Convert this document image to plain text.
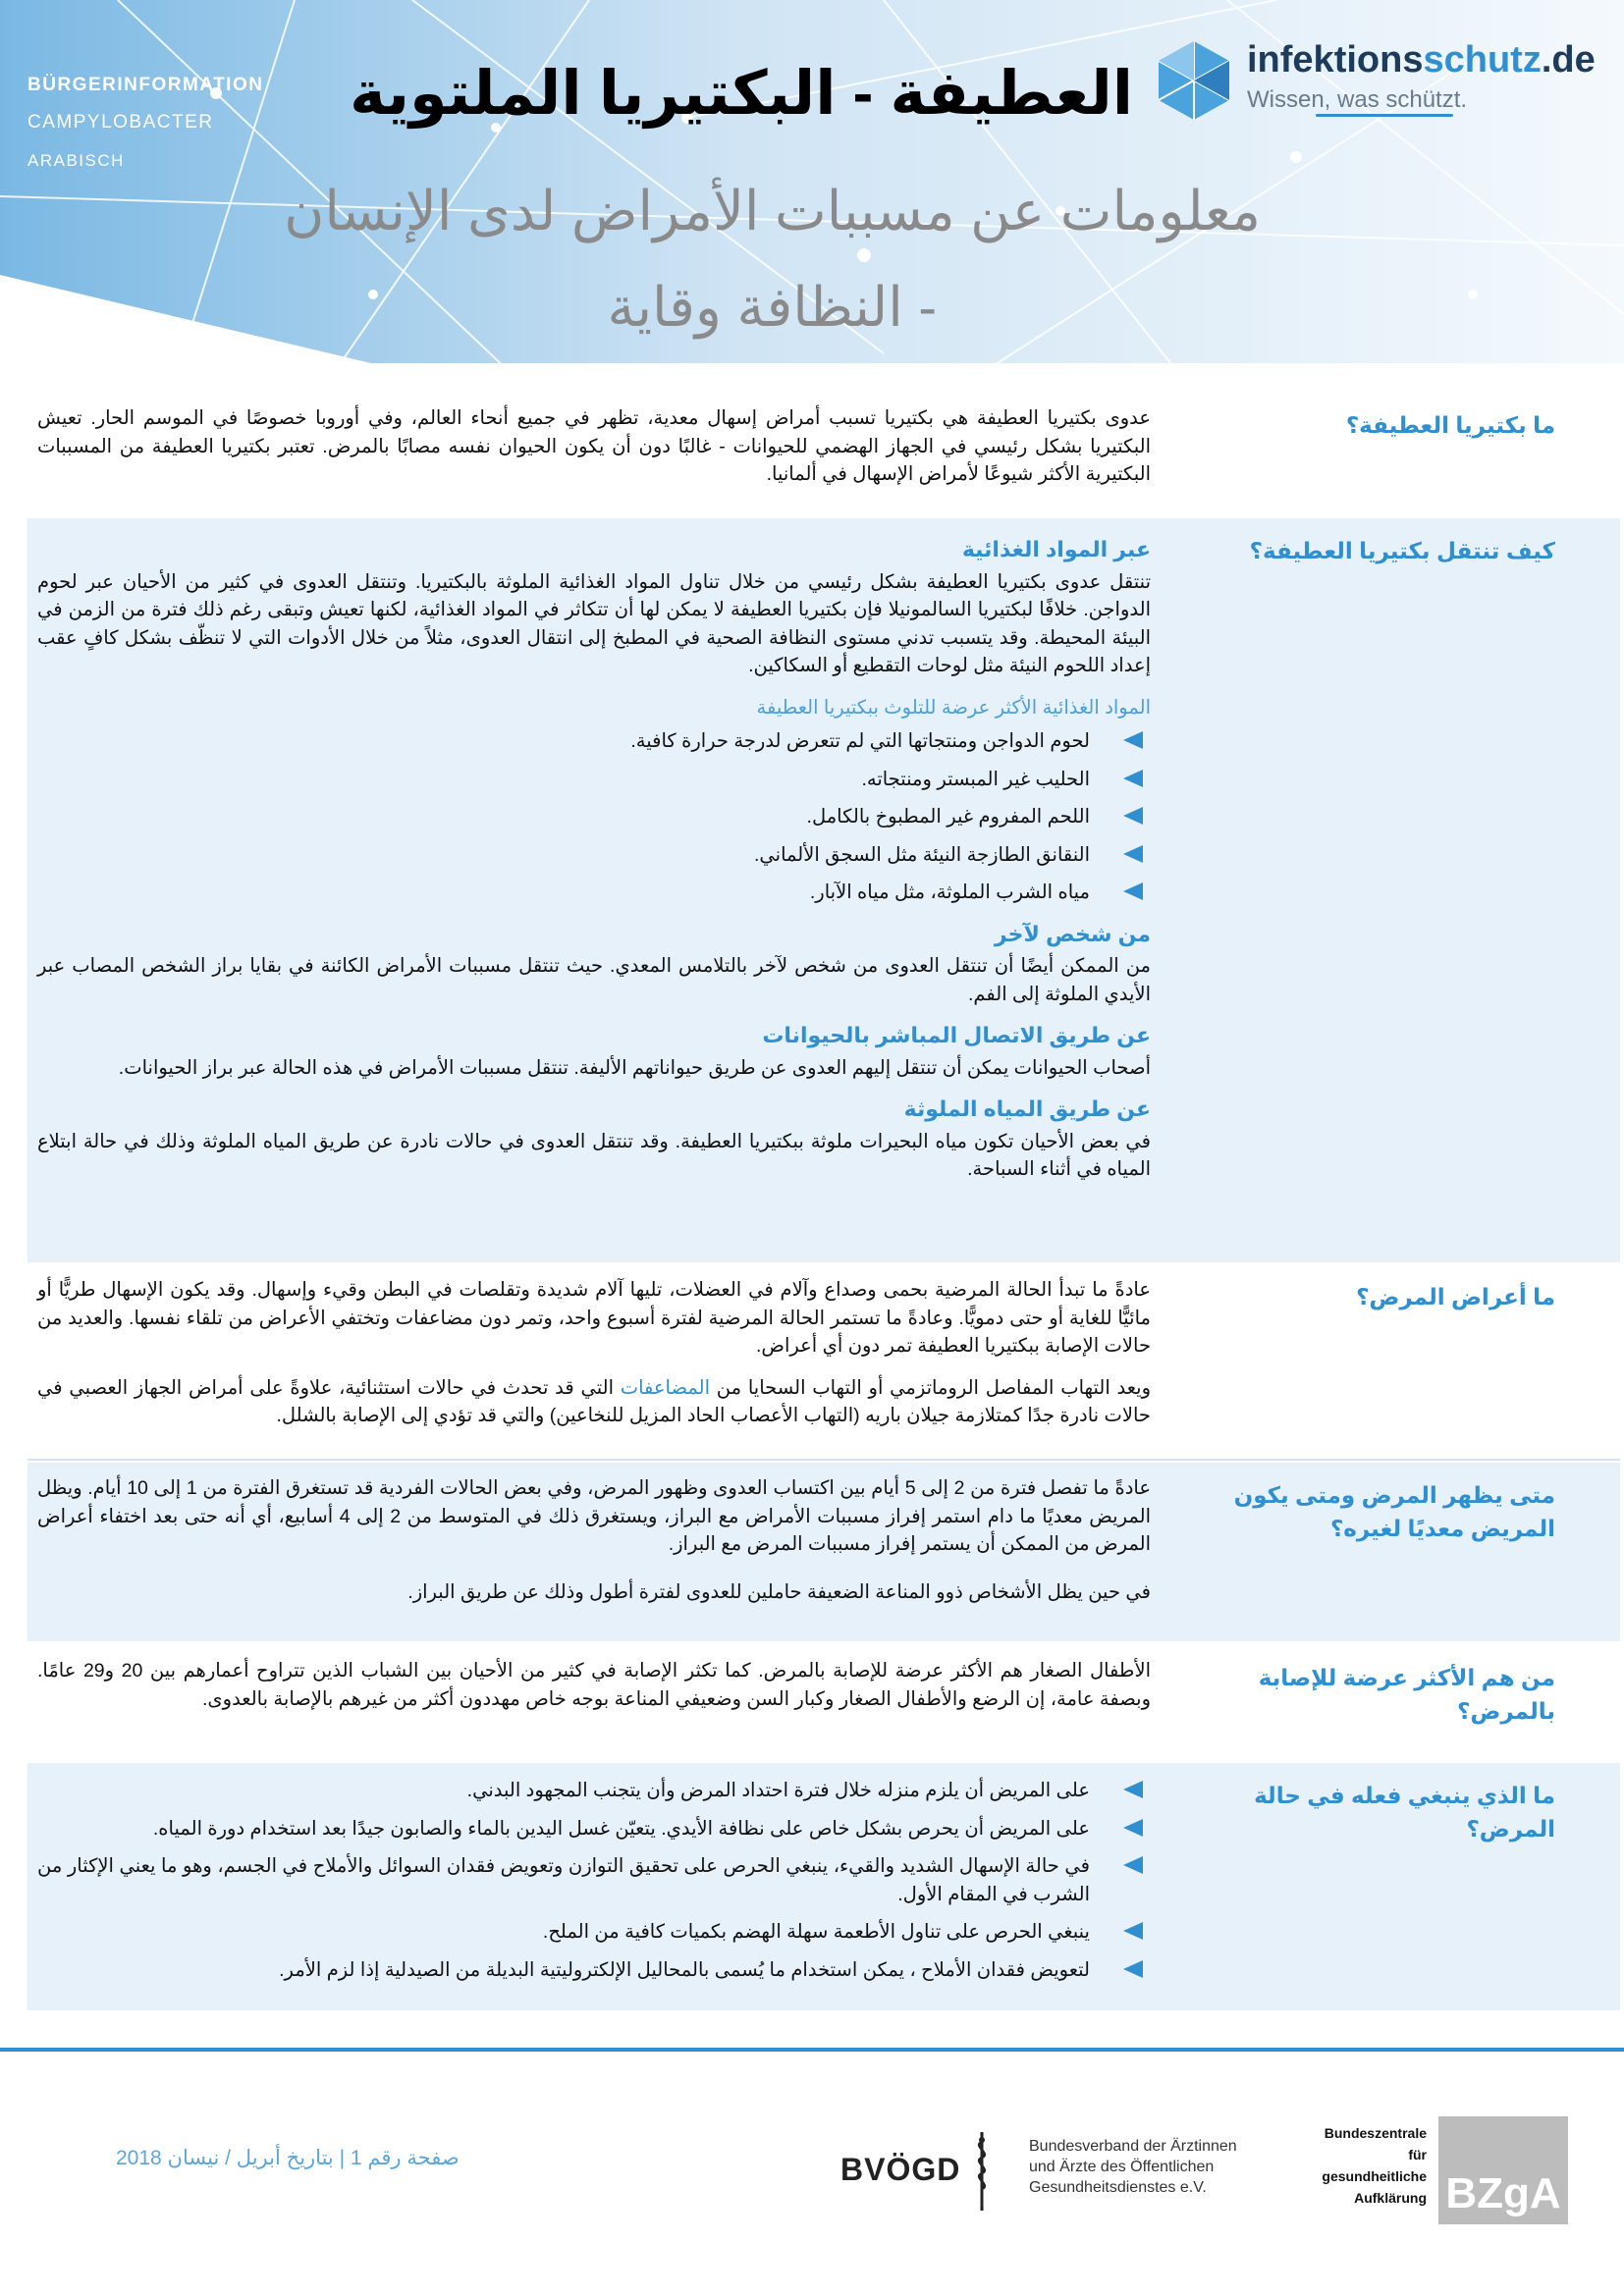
BÜRGERINFORMATION
CAMPYLOBACTER
ARABISCH
العطيفة - البكتيريا الملتوية
معلومات عن مسببات الأمراض لدى الإنسان
- النظافة وقاية
infektionsschutz.de
Wissen, was schützt.
ما بكتيريا العطيفة؟

عدوى بكتيريا العطيفة هي بكتيريا تسبب أمراض إسهال معدية، تظهر في جميع أنحاء العالم، وفي أوروبا خصوصًا في الموسم الحار. تعيش البكتيريا بشكل رئيسي في الجهاز الهضمي للحيوانات - غالبًا دون أن يكون الحيوان نفسه مصابًا بالمرض. تعتبر بكتيريا العطيفة من المسببات البكتيرية الأكثر شيوعًا لأمراض الإسهال في ألمانيا.

كيف تنتقل بكتيريا العطيفة؟
عبر المواد الغذائية

تنتقل عدوى بكتيريا العطيفة بشكل رئيسي من خلال تناول المواد الغذائية الملوثة بالبكتيريا. وتنتقل العدوى في كثير من الأحيان عبر لحوم الدواجن. خلافًا لبكتيريا السالمونيلا فإن بكتيريا العطيفة لا يمكن لها أن تتكاثر في المواد الغذائية، لكنها تعيش وتبقى رغم ذلك فترة من الزمن في البيئة المحيطة. وقد يتسبب تدني مستوى النظافة الصحية في المطبخ إلى انتقال العدوى، مثلاً من خلال الأدوات التي لا تنظّف بشكل كافٍ عقب إعداد اللحوم النيئة مثل لوحات التقطيع أو السكاكين.

المواد الغذائية الأكثر عرضة للتلوث ببكتيريا العطيفة
لحوم الدواجن ومنتجاتها التي لم تتعرض لدرجة حرارة كافية.
الحليب غير المبستر ومنتجاته.
اللحم المفروم غير المطبوخ بالكامل.
النقانق الطازجة النيئة مثل السجق الألماني.
مياه الشرب الملوثة، مثل مياه الآبار.
من شخص لآخر

من الممكن أيضًا أن تنتقل العدوى من شخص لآخر بالتلامس المعدي. حيث تنتقل مسببات الأمراض الكائنة في بقايا براز الشخص المصاب عبر الأيدي الملوثة إلى الفم.

عن طريق الاتصال المباشر بالحيوانات

أصحاب الحيوانات يمكن أن تنتقل إليهم العدوى عن طريق حيواناتهم الأليفة. تنتقل مسببات الأمراض في هذه الحالة عبر براز الحيوانات.

عن طريق المياه الملوثة

في بعض الأحيان تكون مياه البحيرات ملوثة ببكتيريا العطيفة. وقد تنتقل العدوى في حالات نادرة عن طريق المياه الملوثة وذلك في حالة ابتلاع المياه في أثناء السباحة.

ما أعراض المرض؟

عادةً ما تبدأ الحالة المرضية بحمى وصداع وآلام في العضلات، تليها آلام شديدة وتقلصات في البطن وقيء وإسهال. وقد يكون الإسهال طريًّا أو مائيًّا للغاية أو حتى دمويًّا. وعادةً ما تستمر الحالة المرضية لفترة أسبوع واحد، وتمر دون مضاعفات وتختفي الأعراض من تلقاء نفسها. والعديد من حالات الإصابة ببكتيريا العطيفة تمر دون أي أعراض.

ويعد التهاب المفاصل الروماتزمي أو التهاب السحايا من المضاعفات التي قد تحدث في حالات استثنائية، علاوةً على أمراض الجهاز العصبي في حالات نادرة جدًا كمتلازمة جيلان باريه (التهاب الأعصاب الحاد المزيل للنخاعين) والتي قد تؤدي إلى الإصابة بالشلل.

متى يظهر المرض ومتى يكون المريض معديًا لغيره؟

عادةً ما تفصل فترة من 2 إلى 5 أيام بين اكتساب العدوى وظهور المرض، وفي بعض الحالات الفردية قد تستغرق الفترة من 1 إلى 10 أيام. ويظل المريض معديًا ما دام استمر إفراز مسببات الأمراض مع البراز، ويستغرق ذلك في المتوسط من 2 إلى 4 أسابيع، أي أنه حتى بعد اختفاء أعراض المرض من الممكن أن يستمر إفراز مسببات المرض مع البراز.

في حين يظل الأشخاص ذوو المناعة الضعيفة حاملين للعدوى لفترة أطول وذلك عن طريق البراز.

من هم الأكثر عرضة للإصابة بالمرض؟

الأطفال الصغار هم الأكثر عرضة للإصابة بالمرض. كما تكثر الإصابة في كثير من الأحيان بين الشباب الذين تتراوح أعمارهم بين 20 و29 عامًا. وبصفة عامة، إن الرضع والأطفال الصغار وكبار السن وضعيفي المناعة بوجه خاص مهددون أكثر من غيرهم بالإصابة بالعدوى.

ما الذي ينبغي فعله في حالة المرض؟
على المريض أن يلزم منزله خلال فترة احتداد المرض وأن يتجنب المجهود البدني.
على المريض أن يحرص بشكل خاص على نظافة الأيدي. يتعيّن غسل اليدين بالماء والصابون جيدًا بعد استخدام دورة المياه.
في حالة الإسهال الشديد والقيء، ينبغي الحرص على تحقيق التوازن وتعويض فقدان السوائل والأملاح في الجسم، وهو ما يعني الإكثار من الشرب في المقام الأول.
ينبغي الحرص على تناول الأطعمة سهلة الهضم بكميات كافية من الملح.
لتعويض فقدان الأملاح ، يمكن استخدام ما يُسمى بالمحاليل الإلكتروليتية البديلة من الصيدلية إذا لزم الأمر.
صفحة رقم 1 | بتاريخ أبريل / نيسان 2018	BVÖGD
Bundesverband der Ärztinnen
und Ärzte des Öffentlichen
Gesundheitsdienstes e.V.
Bundeszentrale
für
gesundheitliche
Aufklärung BZgA
